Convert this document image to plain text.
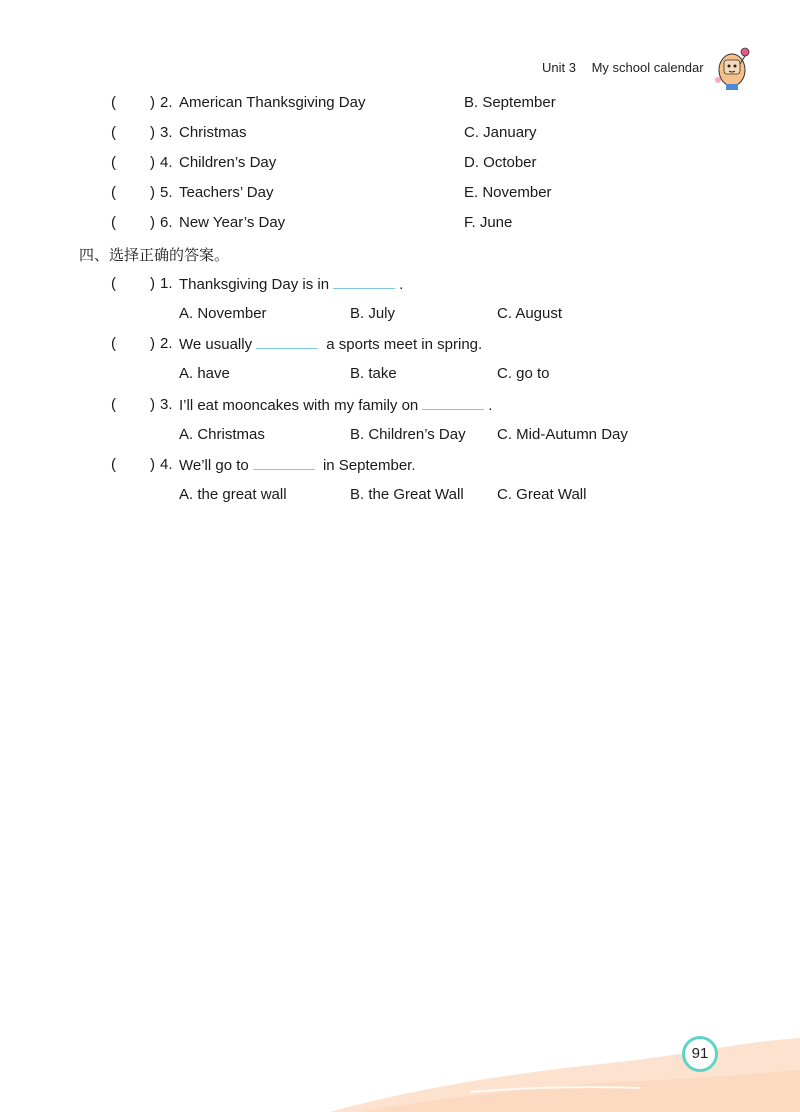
Unit 3 My school calendar
( ) 2. American Thanksgiving Day	B. September
( ) 3. Christmas	C. January
( ) 4. Children’s Day	D. October
( ) 5. Teachers’ Day	E. November
( ) 6. New Year’s Day	F. June
四、选择正确的答案。
( ) 1. Thanksgiving Day is in	.
A. November	B. July	C. August
( ) 2. We usually	a sports meet in spring.
A. have	B. take	C. go to
( ) 3. I’ll eat mooncakes with my family on	.
A. Christmas	B. Children’s Day C. Mid-Autumn Day
( ) 4. We’ll go to	in September.
A. the great wall	B. the Great Wall C. Great Wall
91
